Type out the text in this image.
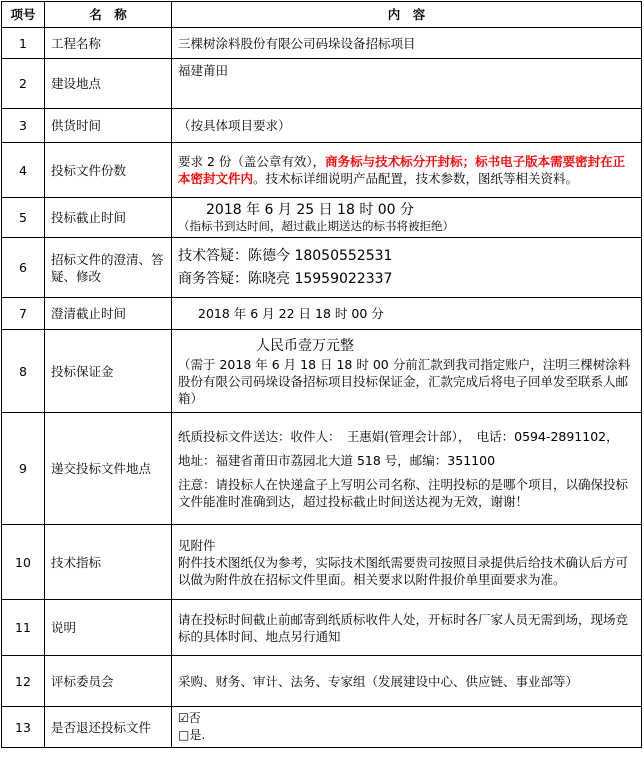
项号	名　称	内　容
1	工程名称	三棵树涂料股份有限公司码垛设备招标项目
2	建设地点	福建莆田
3	供货时间	（按具体项目要求）
4	投标文件份数	要求 2 份（盖公章有效），商务标与技术标分开封标；标书电子版本需要密封在正本密封文件内。技术标详细说明产品配置，技术参数，图纸等相关资料。
5	投标截止时间	2018 年 6 月 25 日 18 时 00 分

（指标书到达时间，超过截止期送达的标书将被拒绝）

6	招标文件的澄清、答疑、修改	技术答疑：陈德今 18050552531

商务答疑：陈晓亮 15959022337

7	澄清截止时间	2018 年 6 月 22 日 18 时 00 分
8	投标保证金	人民币壹万元整

（需于 2018 年 6 月 18 日 18 时 00 分前汇款到我司指定账户，注明三棵树涂料股份有限公司码垛设备招标项目投标保证金，汇款完成后将电子回单发至联系人邮箱）

9	递交投标文件地点	纸质投标文件送达：收件人：　王惠娟(管理会计部），　电话：0594-2891102，

地址：福建省莆田市荔园北大道 518 号，邮编：351100

注意：请投标人在快递盒子上写明公司名称、注明投标的是哪个项目，以确保投标文件能准时准确到达，超过投标截止时间送达视为无效，谢谢！

10	技术指标	见附件

附件技术图纸仅为参考，实际技术图纸需要贵司按照目录提供后给技术确认后方可以做为附件放在招标文件里面。相关要求以附件报价单里面要求为准。

11	说明	请在投标时间截止前邮寄到纸质标收件人处，开标时各厂家人员无需到场，现场竞标的具体时间、地点另行通知
12	评标委员会	采购、财务、审计、法务、专家组（发展建设中心、供应链、事业部等）
13	是否退还投标文件	☑否

□是.
